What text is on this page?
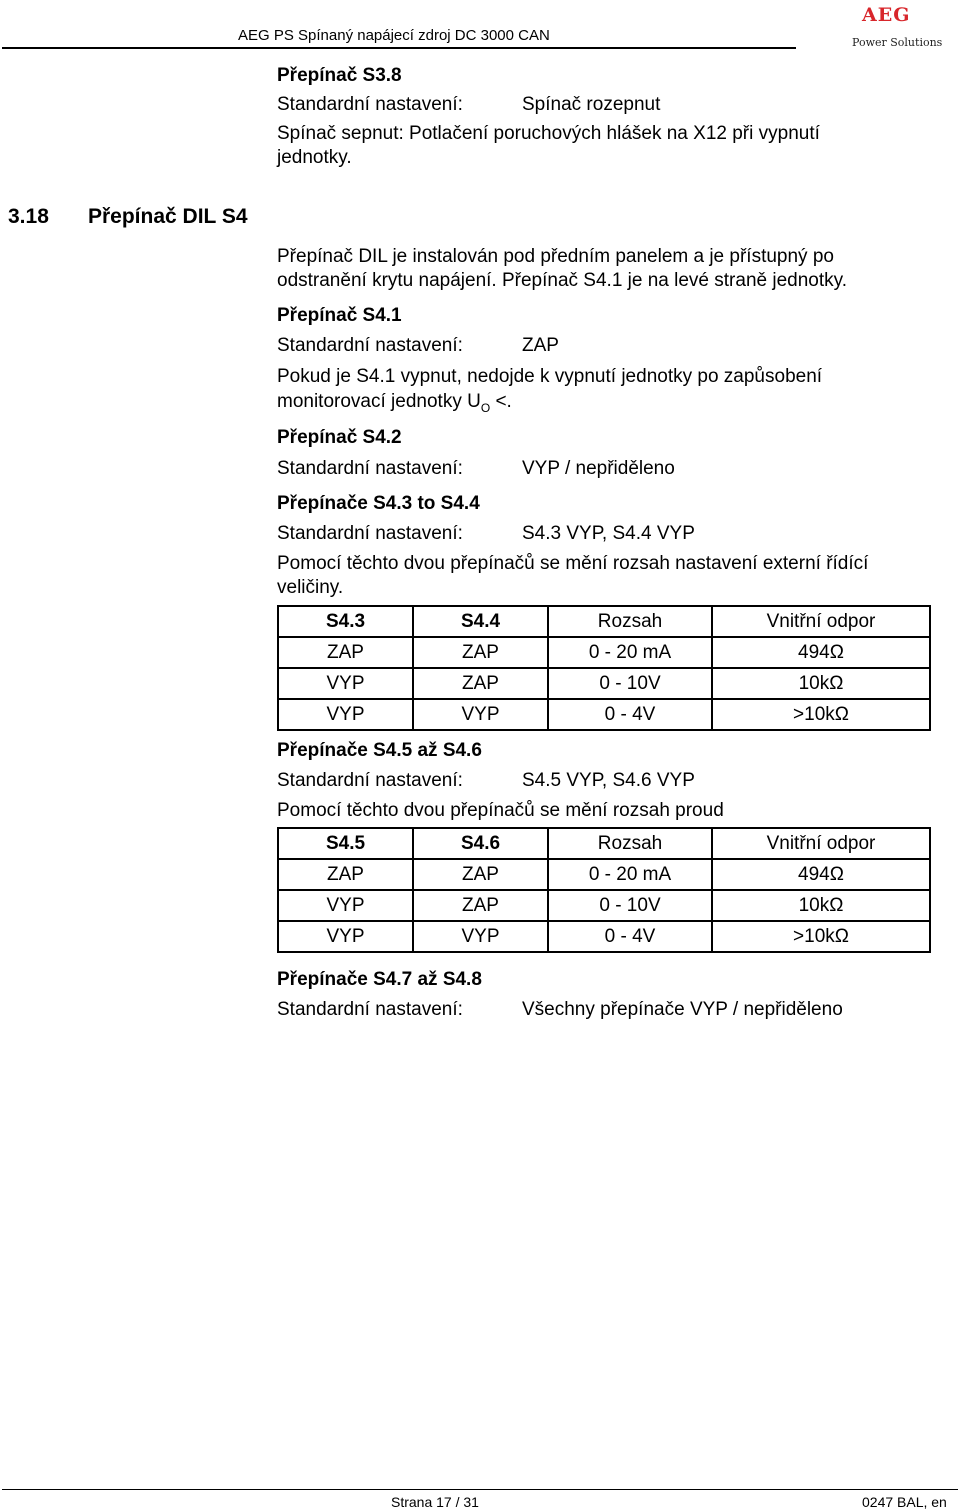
AEG PS Spínaný napájecí zdroj DC 3000 CAN
AEG
Power Solutions
Přepínač S3.8
Standardní nastavení:	Spínač rozepnut
Spínač sepnut: Potlačení poruchových hlášek na X12 při vypnutí
jednotky.
3.18 Přepínač DIL S4
Přepínač DIL je instalován pod předním panelem a je přístupný po
odstranění krytu napájení. Přepínač S4.1 je na levé straně jednotky.
Přepínač S4.1
Standardní nastavení:	ZAP
Pokud je S4.1 vypnut, nedojde k vypnutí jednotky po zapůsobení
monitorovací jednotky $U_O$ <.
Přepínač S4.2
Standardní nastavení:	VYP / nepřiděleno
Přepínače S4.3 to S4.4
Standardní nastavení:	S4.3 VYP, S4.4 VYP
Pomocí těchto dvou přepínačů se mění rozsah nastavení externí řídící
veličiny.
S4.3	S4.4	Rozsah	Vnitřní odpor
ZAP	ZAP	0 - 20 mA	494Ω
VYP	ZAP	0 - 10V	10kΩ
VYP	VYP	0 - 4V	>10kΩ
Přepínače S4.5 až S4.6
Standardní nastavení:	S4.5 VYP, S4.6 VYP
Pomocí těchto dvou přepínačů se mění rozsah proud
S4.5	S4.6	Rozsah	Vnitřní odpor
ZAP	ZAP	0 - 20 mA	494Ω
VYP	ZAP	0 - 10V	10kΩ
VYP	VYP	0 - 4V	>10kΩ
Přepínače S4.7 až S4.8
Standardní nastavení:	Všechny přepínače VYP / nepřiděleno
Strana 17 / 31	0247 BAL, en
